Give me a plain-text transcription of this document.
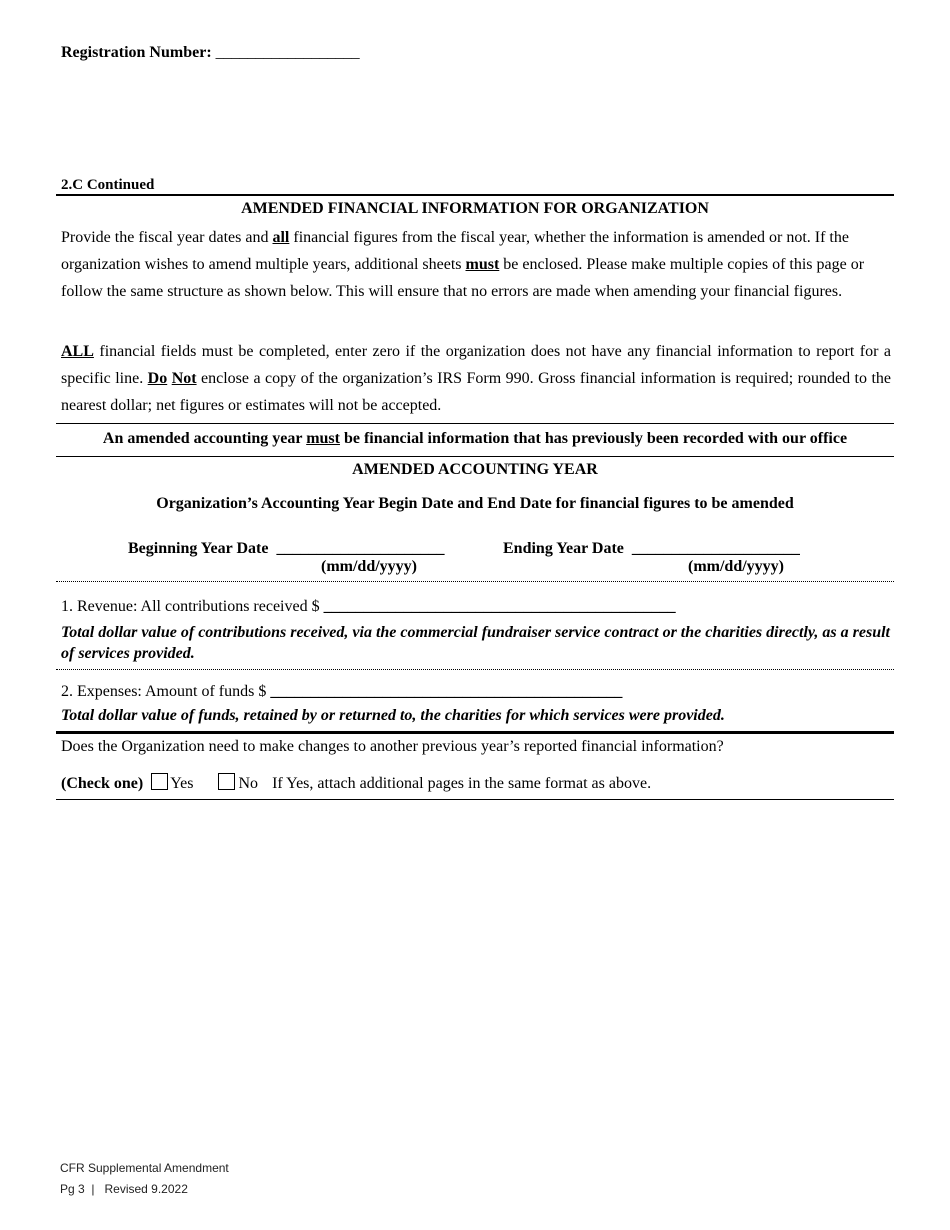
Registration Number: __________________
2.C Continued
AMENDED FINANCIAL INFORMATION FOR ORGANIZATION
Provide the fiscal year dates and all financial figures from the fiscal year, whether the information is amended or not. If the organization wishes to amend multiple years, additional sheets must be enclosed. Please make multiple copies of this page or follow the same structure as shown below. This will ensure that no errors are made when amending your financial figures.
ALL financial fields must be completed, enter zero if the organization does not have any financial information to report for a specific line. Do Not enclose a copy of the organization’s IRS Form 990. Gross financial information is required; rounded to the nearest dollar; net figures or estimates will not be accepted.
An amended accounting year must be financial information that has previously been recorded with our office
AMENDED ACCOUNTING YEAR
Organization’s Accounting Year Begin Date and End Date for financial figures to be amended
Beginning Year Date _____________________
(mm/dd/yyyy)
Ending Year Date _____________________
(mm/dd/yyyy)
1. Revenue: All contributions received $ ____________________________________________
Total dollar value of contributions received, via the commercial fundraiser service contract or the charities directly, as a result of services provided.
2. Expenses: Amount of funds $ ____________________________________________
Total dollar value of funds, retained by or returned to, the charities for which services were provided.
Does the Organization need to make changes to another previous year’s reported financial information?
(Check one) Yes	No If Yes, attach additional pages in the same format as above.
CFR Supplemental Amendment
Pg 3  |   Revised 9.2022
